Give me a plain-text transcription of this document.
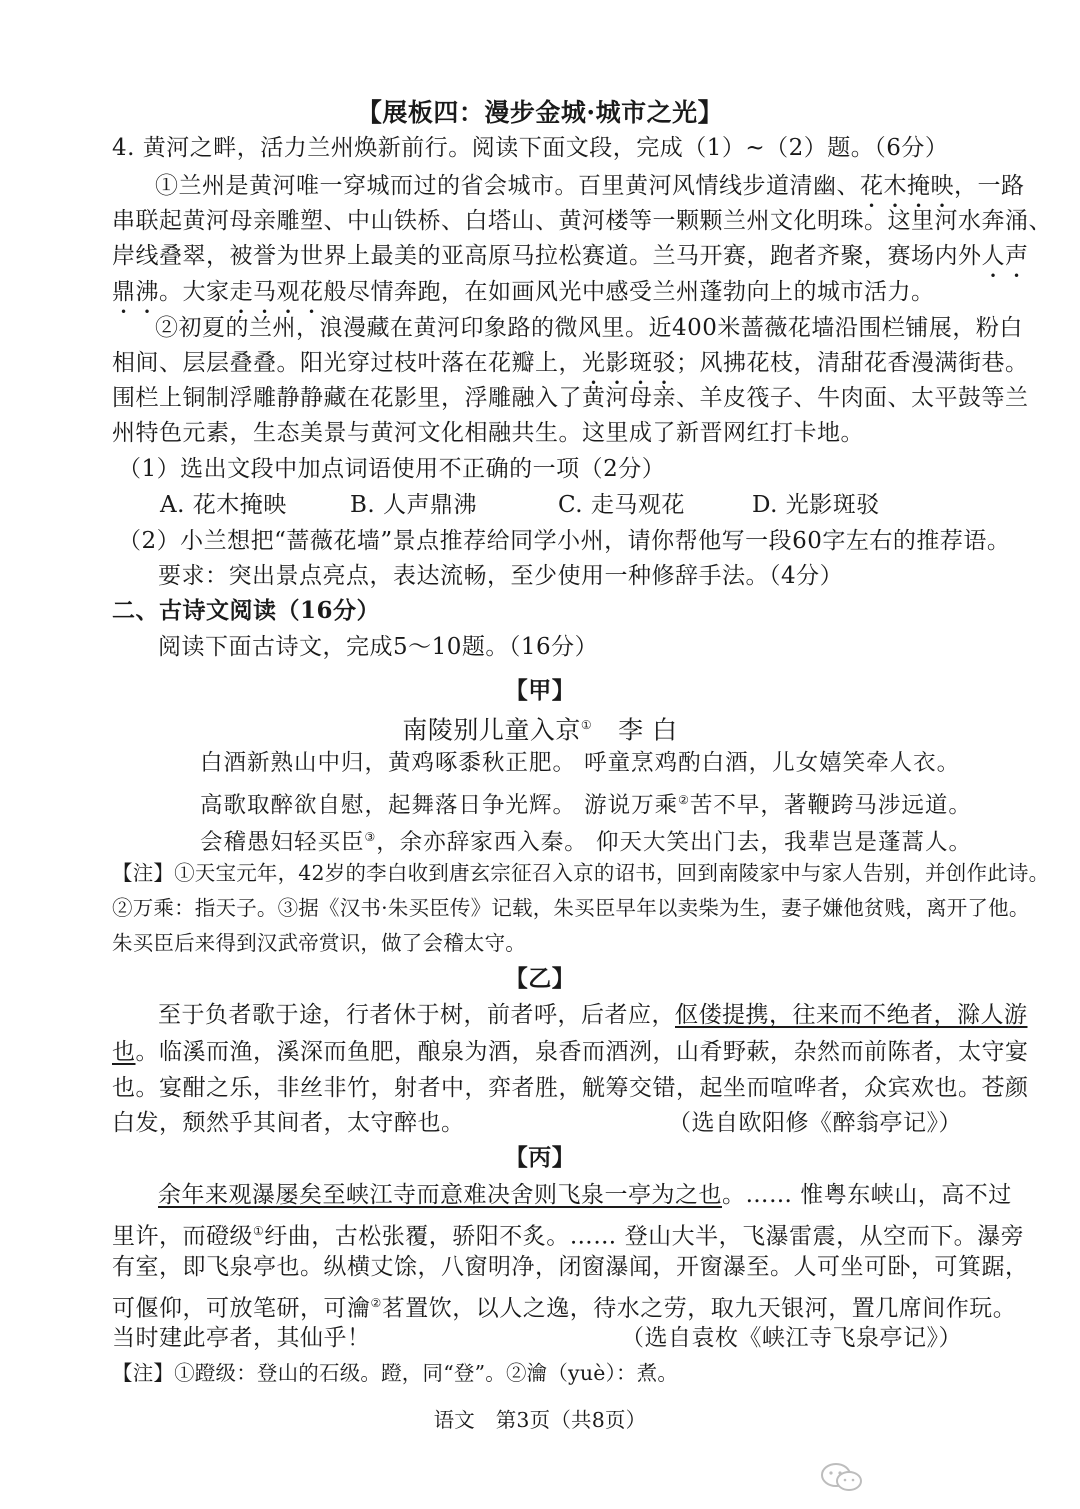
【展板四：漫步金城·城市之光】
4. 黄河之畔，活力兰州焕新前行。阅读下面文段，完成（1）~（2）题。（6分）
①兰州是黄河唯一穿城而过的省会城市。百里黄河风情线步道清幽、花木掩映，一路
串联起黄河母亲雕塑、中山铁桥、白塔山、黄河楼等一颗颗兰州文化明珠。这里河水奔涌、
岸线叠翠，被誉为世界上最美的亚高原马拉松赛道。兰马开赛，跑者齐聚，赛场内外人声
鼎沸。大家走马观花般尽情奔跑，在如画风光中感受兰州蓬勃向上的城市活力。
②初夏的兰州，浪漫藏在黄河印象路的微风里。近400米蔷薇花墙沿围栏铺展，粉白
相间、层层叠叠。阳光穿过枝叶落在花瓣上，光影斑驳；风拂花枝，清甜花香漫满街巷。
围栏上铜制浮雕静静藏在花影里，浮雕融入了黄河母亲、羊皮筏子、牛肉面、太平鼓等兰
州特色元素，生态美景与黄河文化相融共生。这里成了新晋网红打卡地。
（1）选出文段中加点词语使用不正确的一项（2分）
A. 花木掩映	B. 人声鼎沸	C. 走马观花	D. 光影斑驳
（2）小兰想把“蔷薇花墙”景点推荐给同学小州，请你帮他写一段60字左右的推荐语。
要求：突出景点亮点，表达流畅，至少使用一种修辞手法。（4分）
二、古诗文阅读（16分）
阅读下面古诗文，完成5～10题。（16分）
【甲】
南陵别儿童入京① 李 白
白酒新熟山中归，黄鸡啄黍秋正肥。 呼童烹鸡酌白酒，儿女嬉笑牵人衣。
高歌取醉欲自慰，起舞落日争光辉。 游说万乘②苦不早，著鞭跨马涉远道。
会稽愚妇轻买臣③，余亦辞家西入秦。 仰天大笑出门去，我辈岂是蓬蒿人。
【注】①天宝元年，42岁的李白收到唐玄宗征召入京的诏书，回到南陵家中与家人告别，并创作此诗。
②万乘：指天子。③据《汉书·朱买臣传》记载，朱买臣早年以卖柴为生，妻子嫌他贫贱，离开了他。
朱买臣后来得到汉武帝赏识，做了会稽太守。
【乙】
至于负者歌于途，行者休于树，前者呼，后者应，伛偻提携，往来而不绝者，滁人游
也。临溪而渔，溪深而鱼肥，酿泉为酒，泉香而酒洌，山肴野蔌，杂然而前陈者，太守宴
也。宴酣之乐，非丝非竹，射者中，弈者胜，觥筹交错，起坐而喧哗者，众宾欢也。苍颜
白发，颓然乎其间者，太守醉也。	（选自欧阳修《醉翁亭记》）
【丙】
余年来观瀑屡矣至峡江寺而意难决舍则飞泉一亭为之也。…… 惟粤东峡山，高不过
里许，而磴级①纡曲，古松张覆，骄阳不炙。…… 登山大半，飞瀑雷震，从空而下。瀑旁
有室，即飞泉亭也。纵横丈馀，八窗明净，闭窗瀑闻，开窗瀑至。人可坐可卧，可箕踞，
可偃仰，可放笔研，可瀹②茗置饮，以人之逸，待水之劳，取九天银河，置几席间作玩。
当时建此亭者，其仙乎！	（选自袁枚《峡江寺飞泉亭记》）
【注】①蹬级：登山的石级。蹬，同“登”。②瀹（yuè）：煮。
语文　第3页（共8页）
